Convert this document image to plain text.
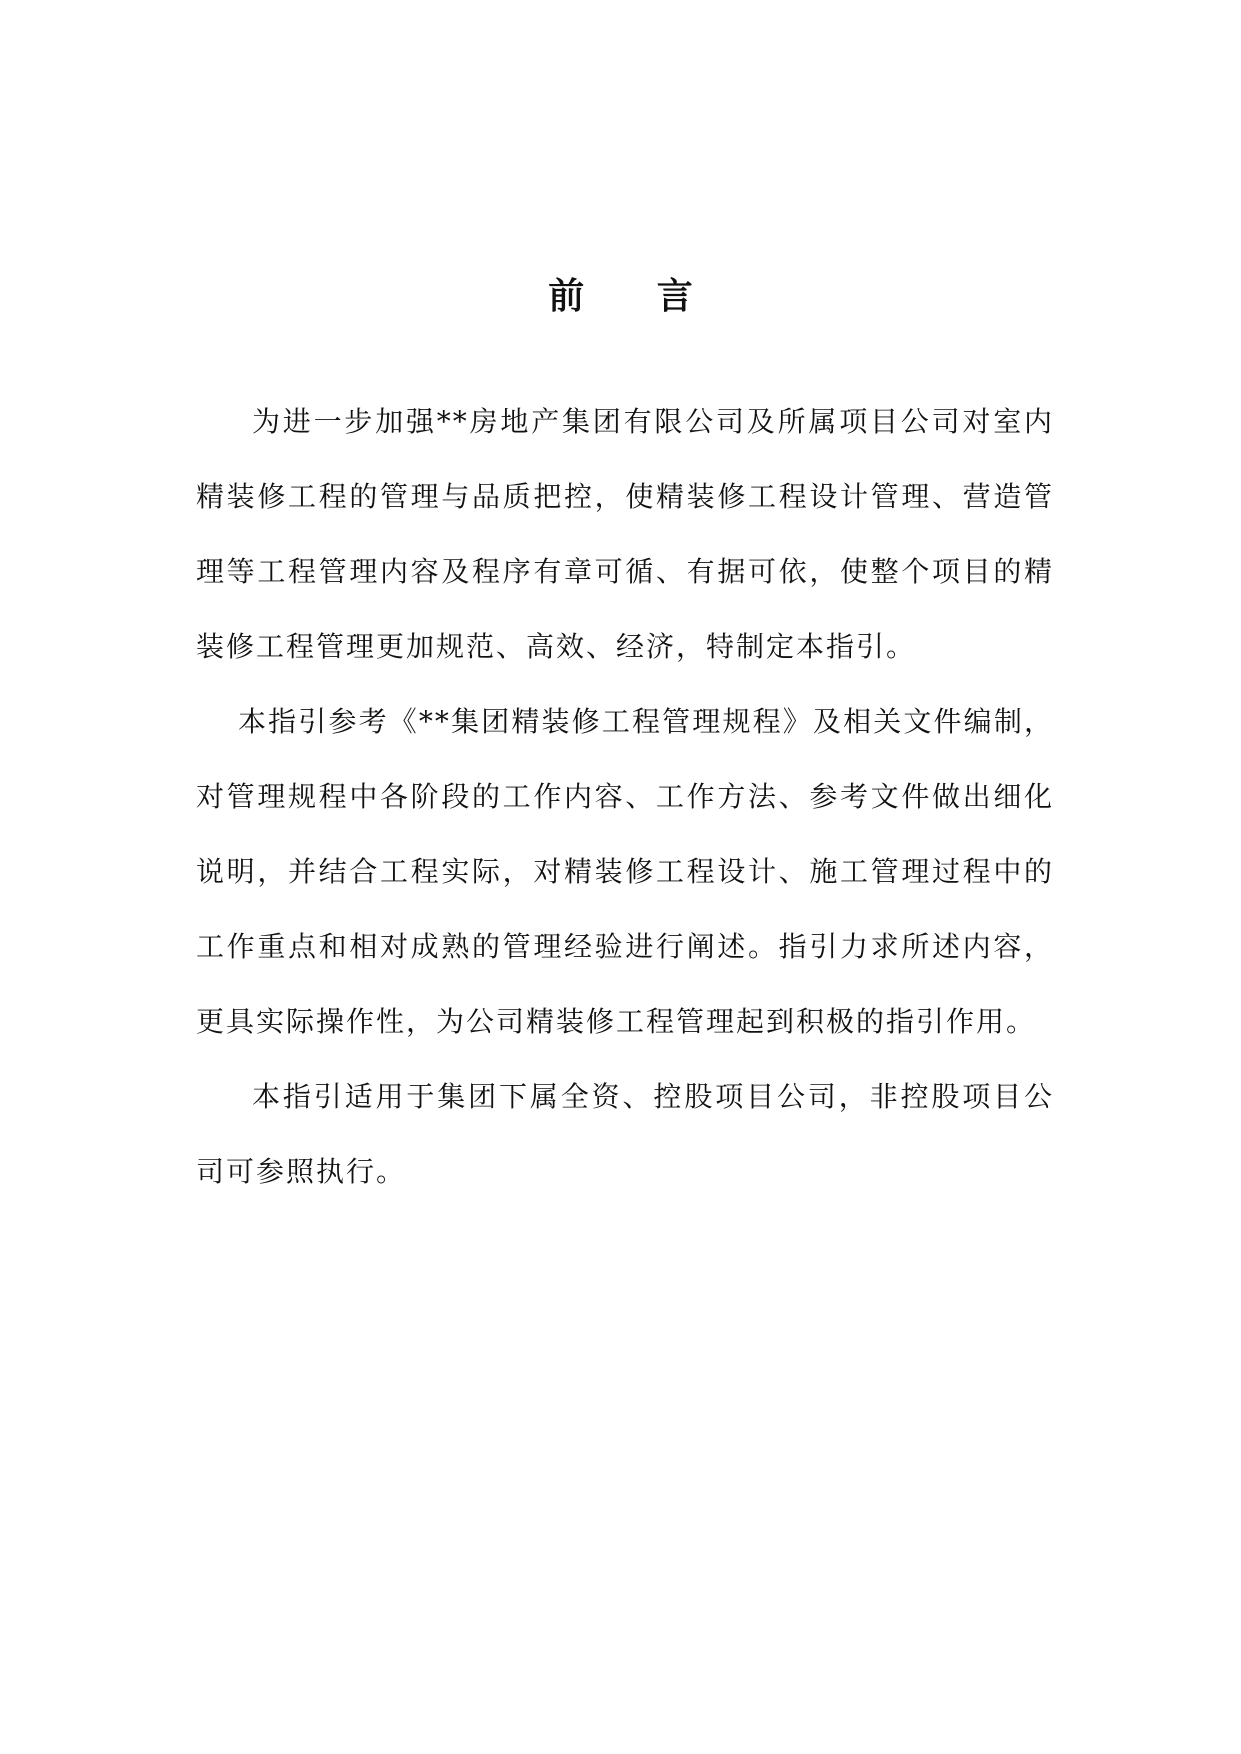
前 言

为进一步加强**房地产集团有限公司及所属项目公司对室内精装修工程的管理与品质把控，使精装修工程设计管理、营造管理等工程管理内容及程序有章可循、有据可依，使整个项目的精装修工程管理更加规范、高效、经济，特制定本指引。

本指引参考《**集团精装修工程管理规程》及相关文件编制，对管理规程中各阶段的工作内容、工作方法、参考文件做出细化说明，并结合工程实际，对精装修工程设计、施工管理过程中的工作重点和相对成熟的管理经验进行阐述。指引力求所述内容，更具实际操作性，为公司精装修工程管理起到积极的指引作用。

本指引适用于集团下属全资、控股项目公司，非控股项目公司可参照执行。
